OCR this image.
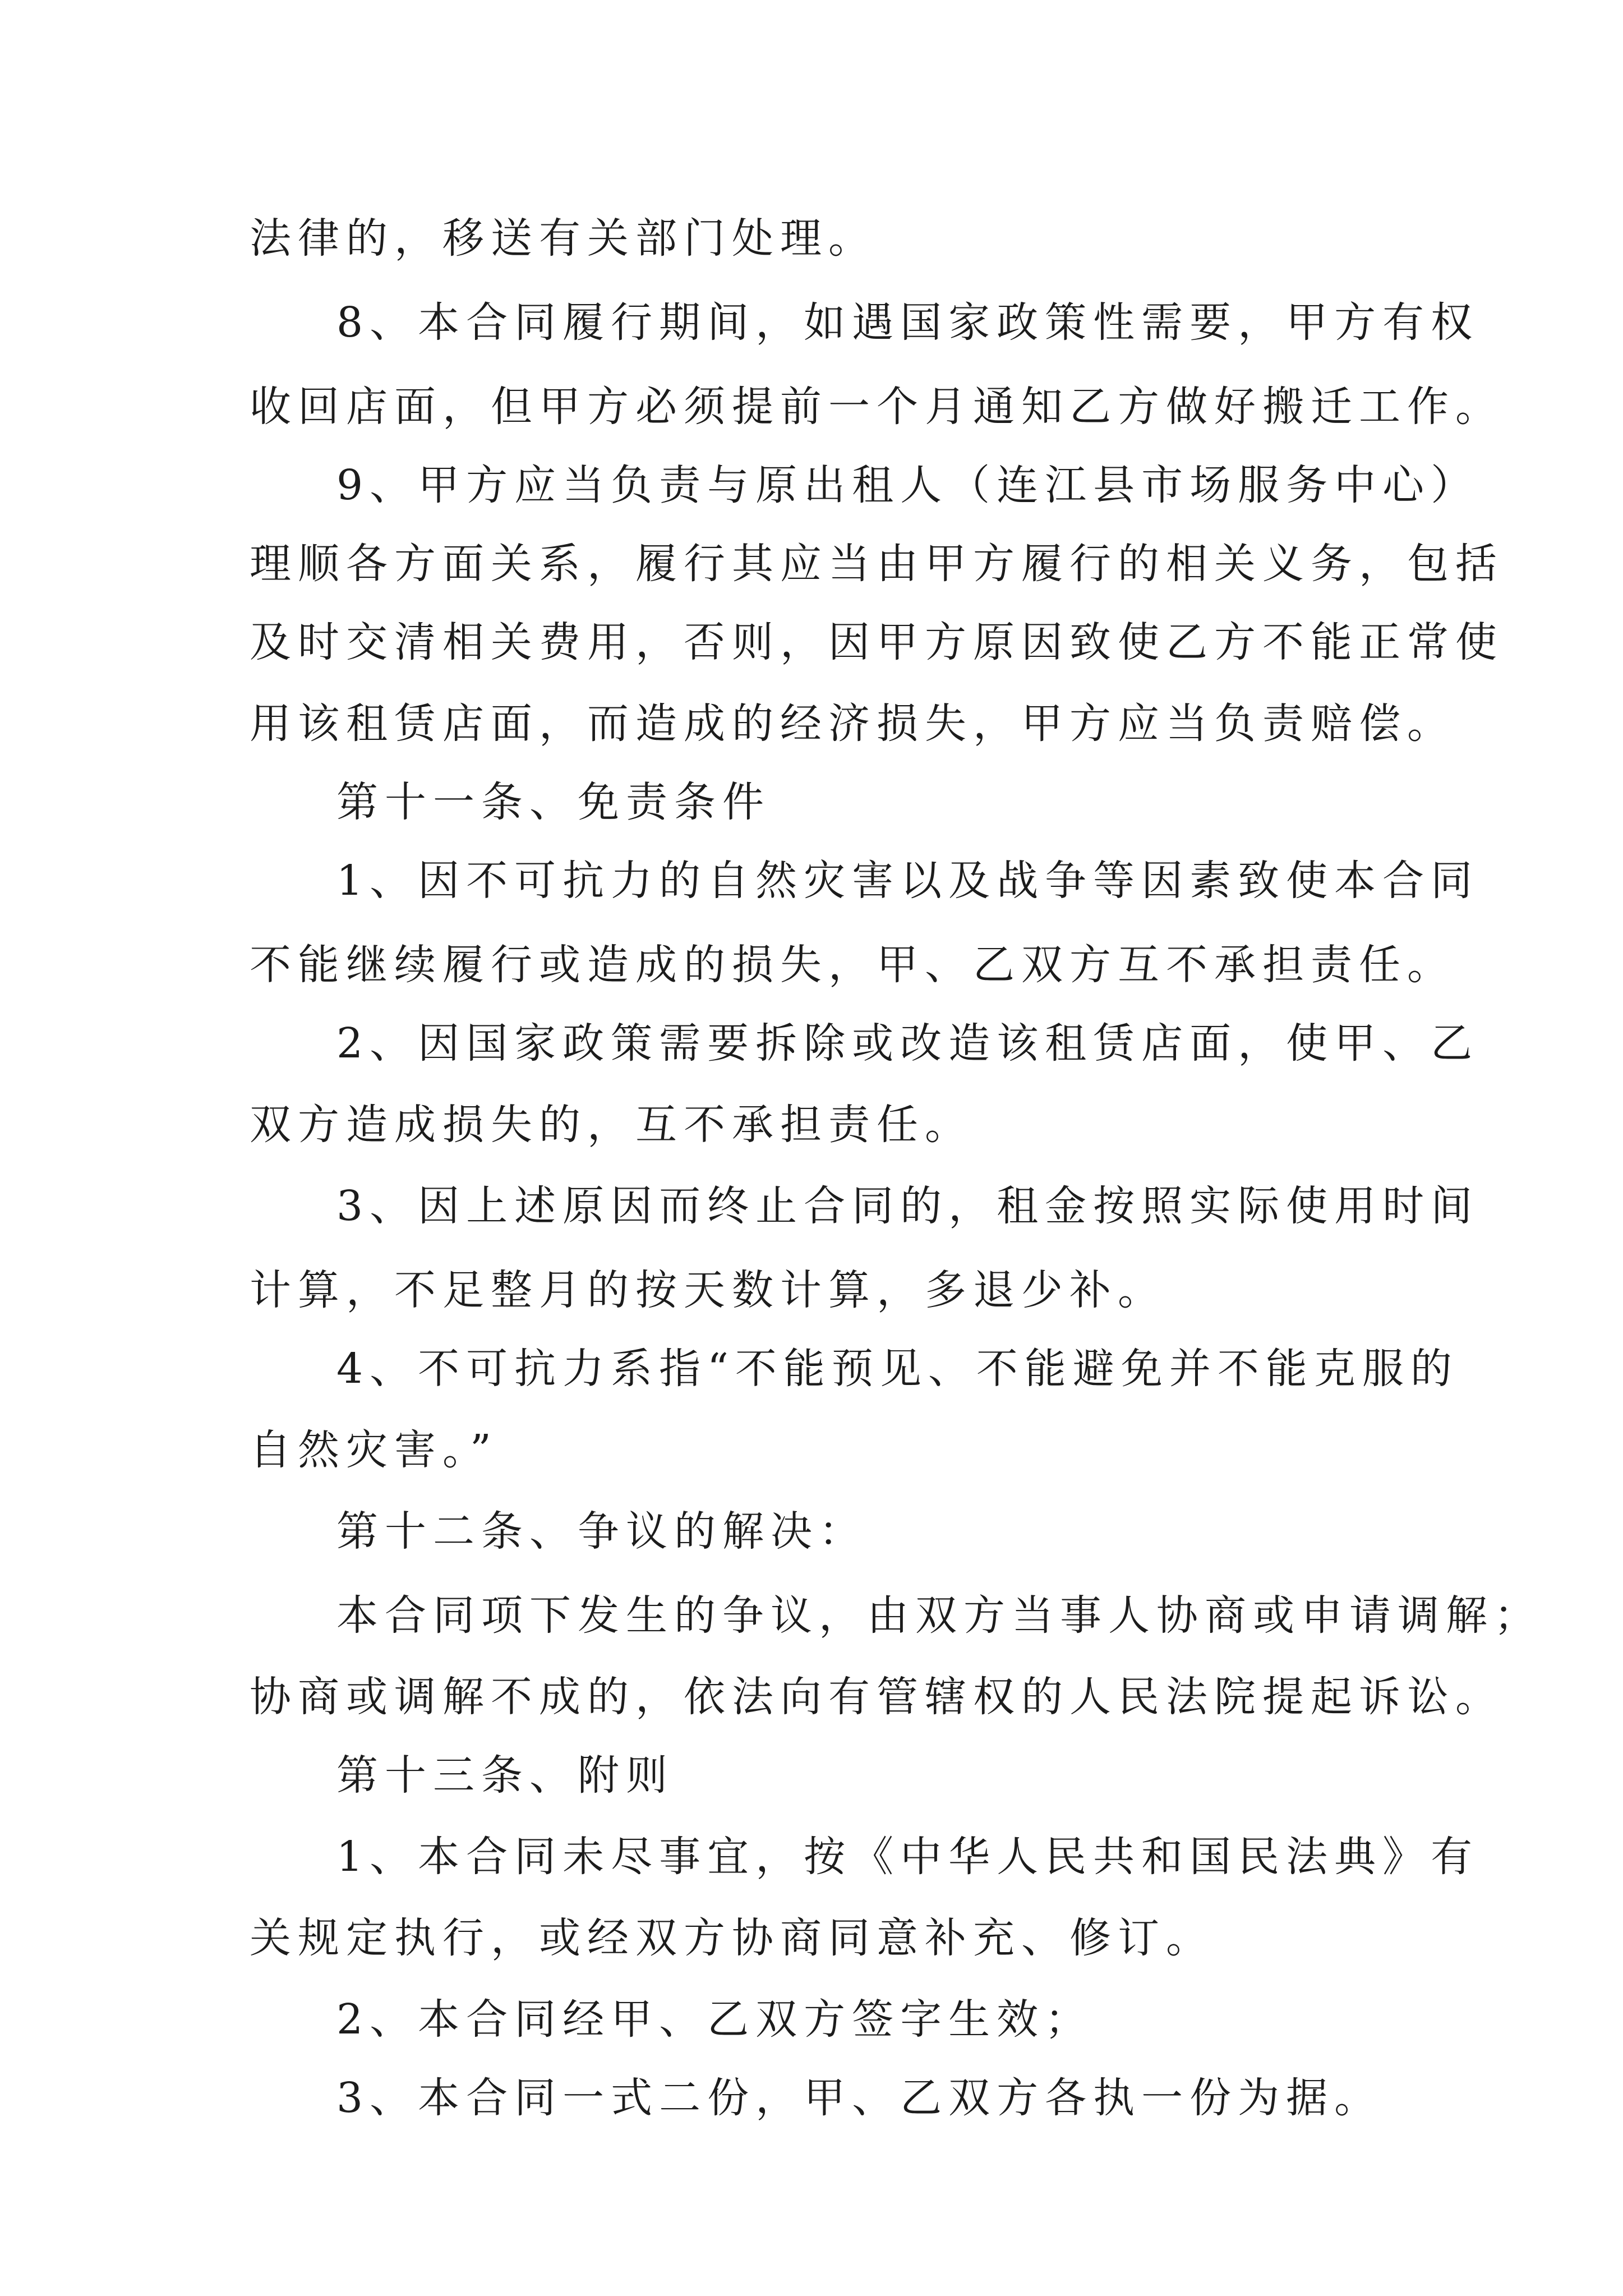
法律的，移送有关部门处理。
8、本合同履行期间，如遇国家政策性需要，甲方有权
收回店面，但甲方必须提前一个月通知乙方做好搬迁工作。
9、甲方应当负责与原出租人（连江县市场服务中心）
理顺各方面关系，履行其应当由甲方履行的相关义务，包括
及时交清相关费用，否则，因甲方原因致使乙方不能正常使
用该租赁店面，而造成的经济损失，甲方应当负责赔偿。
第十一条、免责条件
1、因不可抗力的自然灾害以及战争等因素致使本合同
不能继续履行或造成的损失，甲、乙双方互不承担责任。
2、因国家政策需要拆除或改造该租赁店面，使甲、乙
双方造成损失的，互不承担责任。
3、因上述原因而终止合同的，租金按照实际使用时间
计算，不足整月的按天数计算，多退少补。
4、不可抗力系指“不能预见、不能避免并不能克服的
自然灾害。”
第十二条、争议的解决：
本合同项下发生的争议，由双方当事人协商或申请调解；
协商或调解不成的，依法向有管辖权的人民法院提起诉讼。
第十三条、附则
1、本合同未尽事宜，按《中华人民共和国民法典》有
关规定执行，或经双方协商同意补充、修订。
2、本合同经甲、乙双方签字生效；
3、本合同一式二份，甲、乙双方各执一份为据。
